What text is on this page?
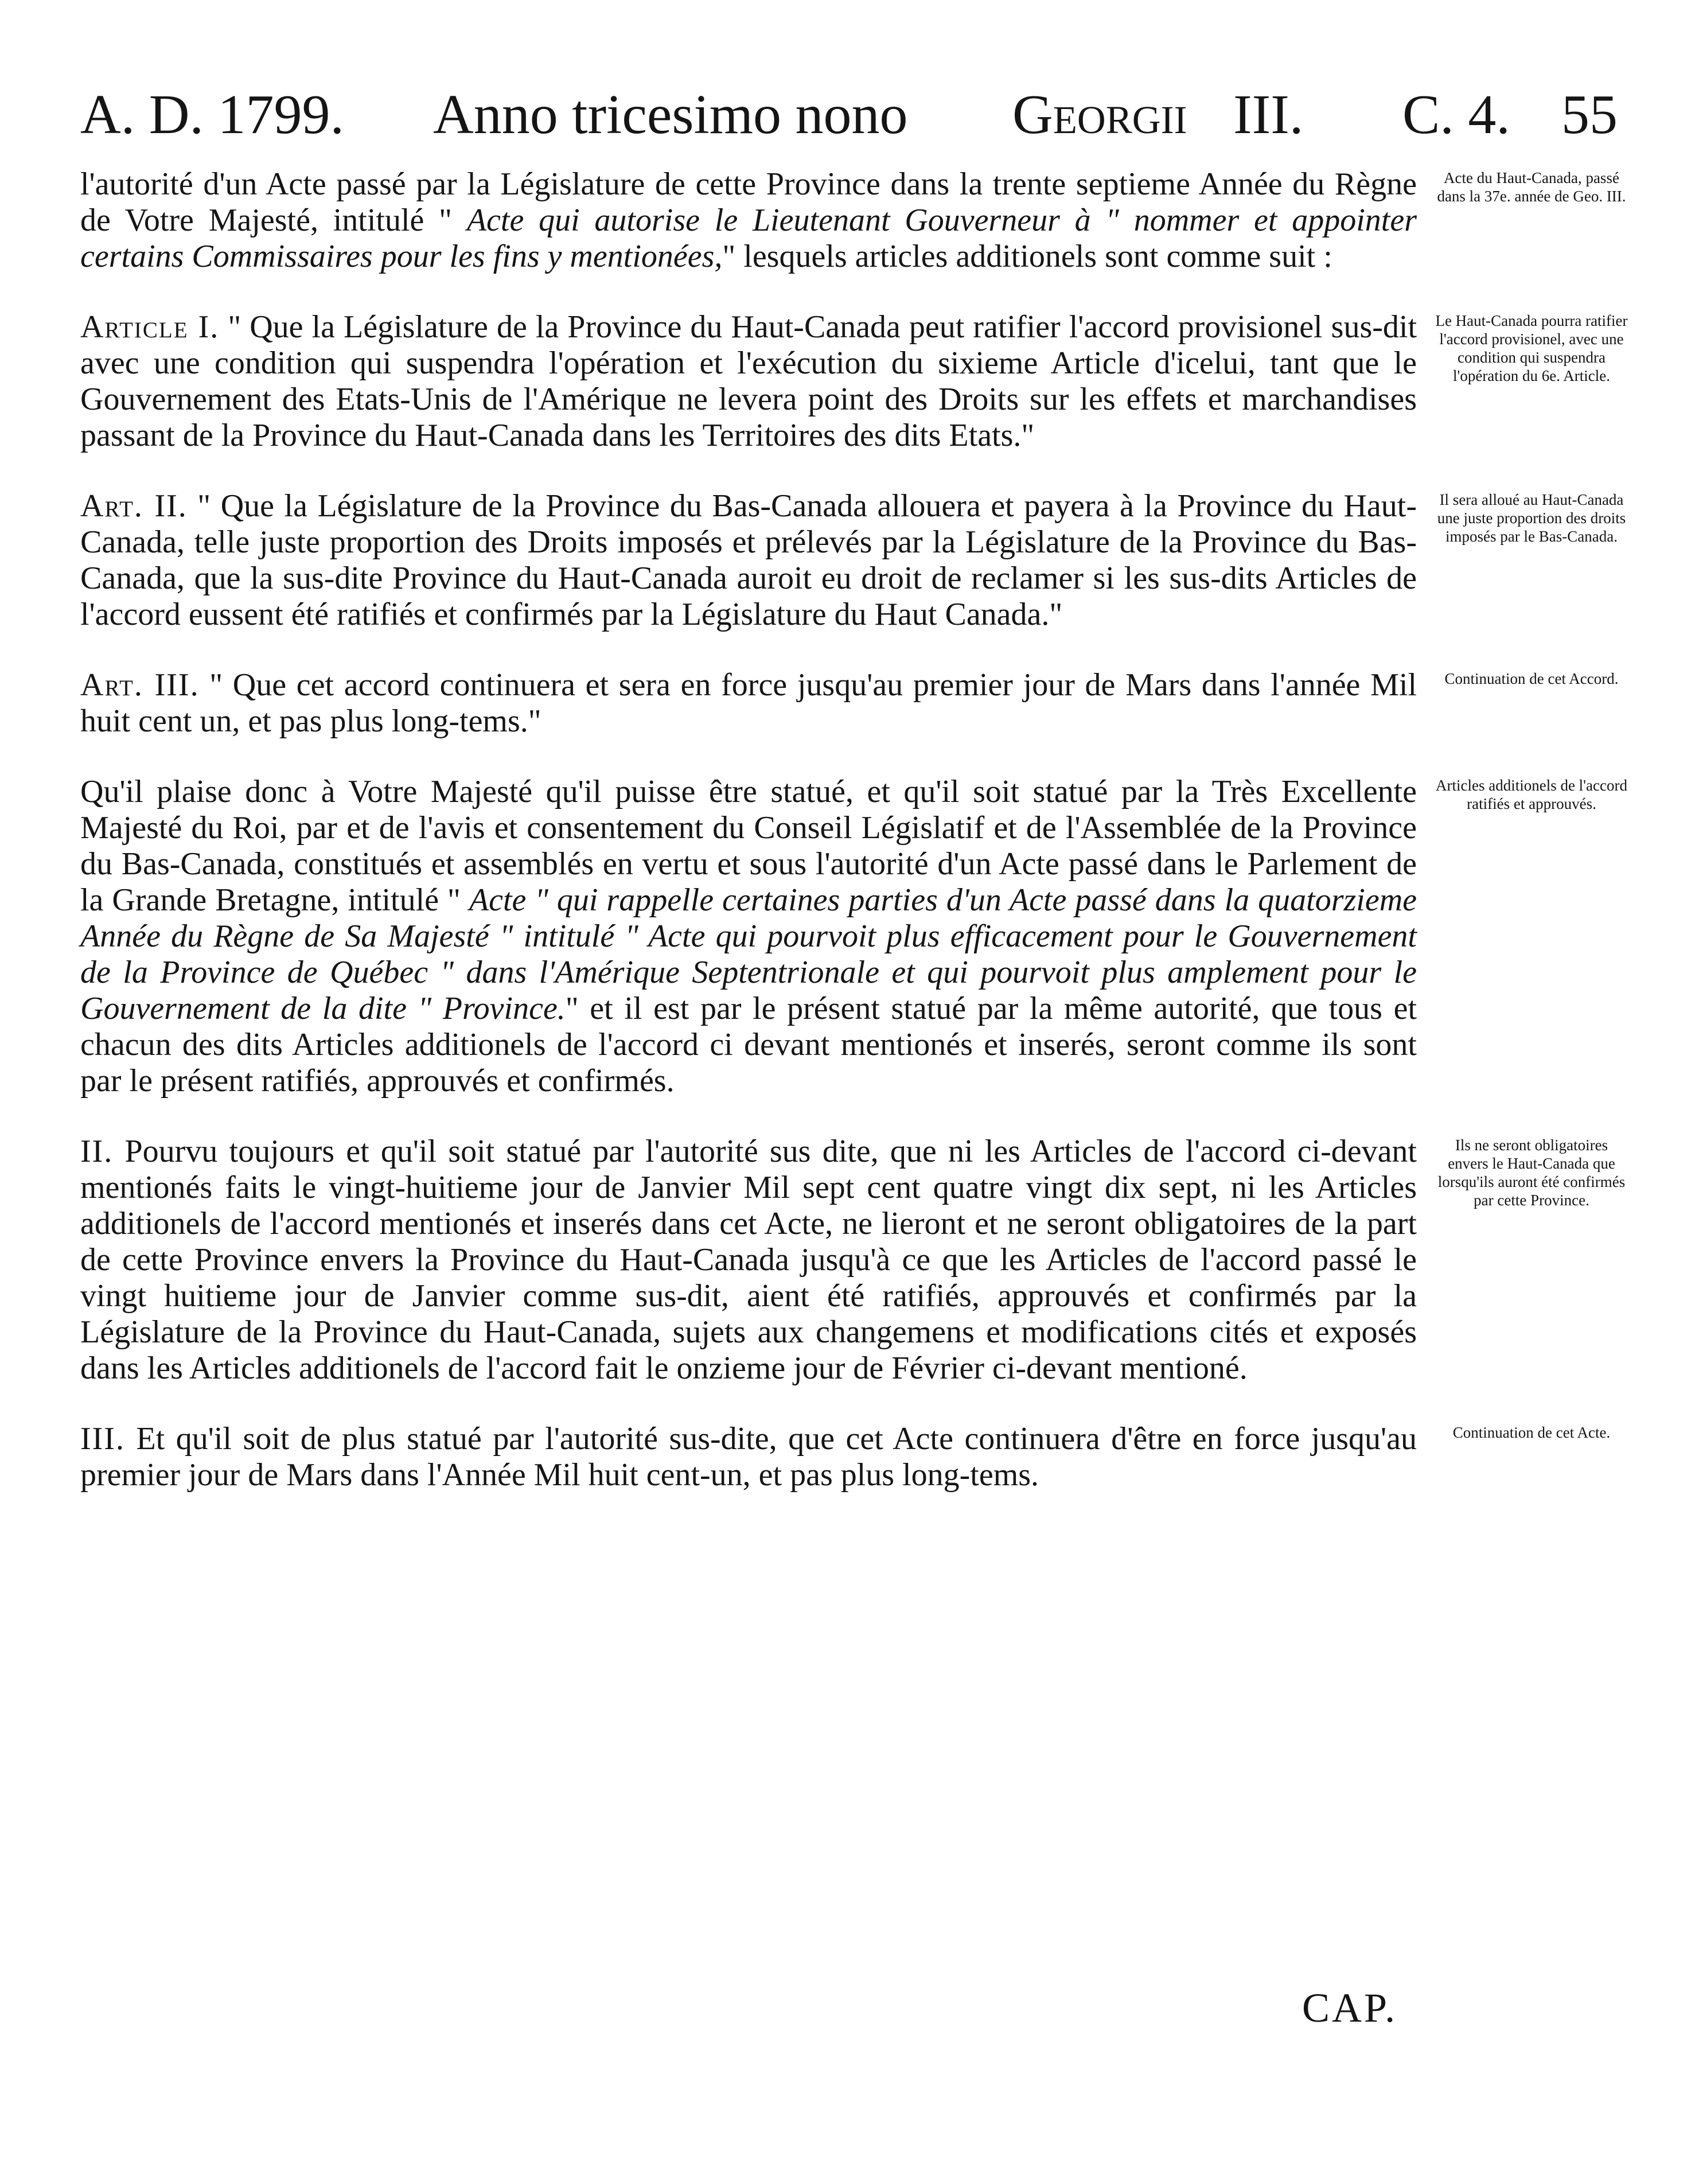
A. D. 1799. Anno tricesimo nono Georgii III. C. 4. 55

l'autorité d'un Acte passé par la Législature de cette Province dans la trente septieme Année du Règne de Votre Majesté, intitulé " Acte qui autorise le Lieutenant Gouverneur à " nommer et appointer certains Commissaires pour les fins y mentionées," lesquels articles additionels sont comme suit :

Article I. " Que la Législature de la Province du Haut-Canada peut ratifier l'accord provisionel sus-dit avec une condition qui suspendra l'opération et l'exécution du sixieme Article d'icelui, tant que le Gouvernement des Etats-Unis de l'Amérique ne levera point des Droits sur les effets et marchandises passant de la Province du Haut-Canada dans les Territoires des dits Etats."

Art. II. " Que la Législature de la Province du Bas-Canada allouera et payera à la Province du Haut-Canada, telle juste proportion des Droits imposés et prélevés par la Législature de la Province du Bas-Canada, que la sus-dite Province du Haut-Canada auroit eu droit de reclamer si les sus-dits Articles de l'accord eussent été ratifiés et confirmés par la Législature du Haut Canada."

Art. III. " Que cet accord continuera et sera en force jusqu'au premier jour de Mars dans l'année Mil huit cent un, et pas plus long-tems."

Qu'il plaise donc à Votre Majesté qu'il puisse être statué, et qu'il soit statué par la Très Excellente Majesté du Roi, par et de l'avis et consentement du Conseil Législatif et de l'Assemblée de la Province du Bas-Canada, constitués et assemblés en vertu et sous l'autorité d'un Acte passé dans le Parlement de la Grande Bretagne, intitulé " Acte " qui rappelle certaines parties d'un Acte passé dans la quatorzieme Année du Règne de Sa Majesté " intitulé " Acte qui pourvoit plus efficacement pour le Gouvernement de la Province de Québec " dans l'Amérique Septentrionale et qui pourvoit plus amplement pour le Gouvernement de la dite " Province." et il est par le présent statué par la même autorité, que tous et chacun des dits Articles additionels de l'accord ci devant mentionés et inserés, seront comme ils sont par le présent ratifiés, approuvés et confirmés.

II. Pourvu toujours et qu'il soit statué par l'autorité sus dite, que ni les Articles de l'accord ci-devant mentionés faits le vingt-huitieme jour de Janvier Mil sept cent quatre vingt dix sept, ni les Articles additionels de l'accord mentionés et inserés dans cet Acte, ne lieront et ne seront obligatoires de la part de cette Province envers la Province du Haut-Canada jusqu'à ce que les Articles de l'accord passé le vingt huitieme jour de Janvier comme sus-dit, aient été ratifiés, approuvés et confirmés par la Législature de la Province du Haut-Canada, sujets aux changemens et modifications cités et exposés dans les Articles additionels de l'accord fait le onzieme jour de Février ci-devant mentioné.

III. Et qu'il soit de plus statué par l'autorité sus-dite, que cet Acte continuera d'être en force jusqu'au premier jour de Mars dans l'Année Mil huit cent-un, et pas plus long-tems.

Acte du Haut-Canada, passé dans la 37e. année de Geo. III.
Le Haut-Canada pourra ratifier l'accord provisionel, avec une condition qui suspendra l'opération du 6e. Article.
Il sera alloué au Haut-Canada une juste proportion des droits imposés par le Bas-Canada.
Continuation de cet Accord.
Articles additionels de l'accord ratifiés et approuvés.
Ils ne seront obligatoires envers le Haut-Canada que lorsqu'ils auront été confirmés par cette Province.
Continuation de cet Acte.
CAP.
